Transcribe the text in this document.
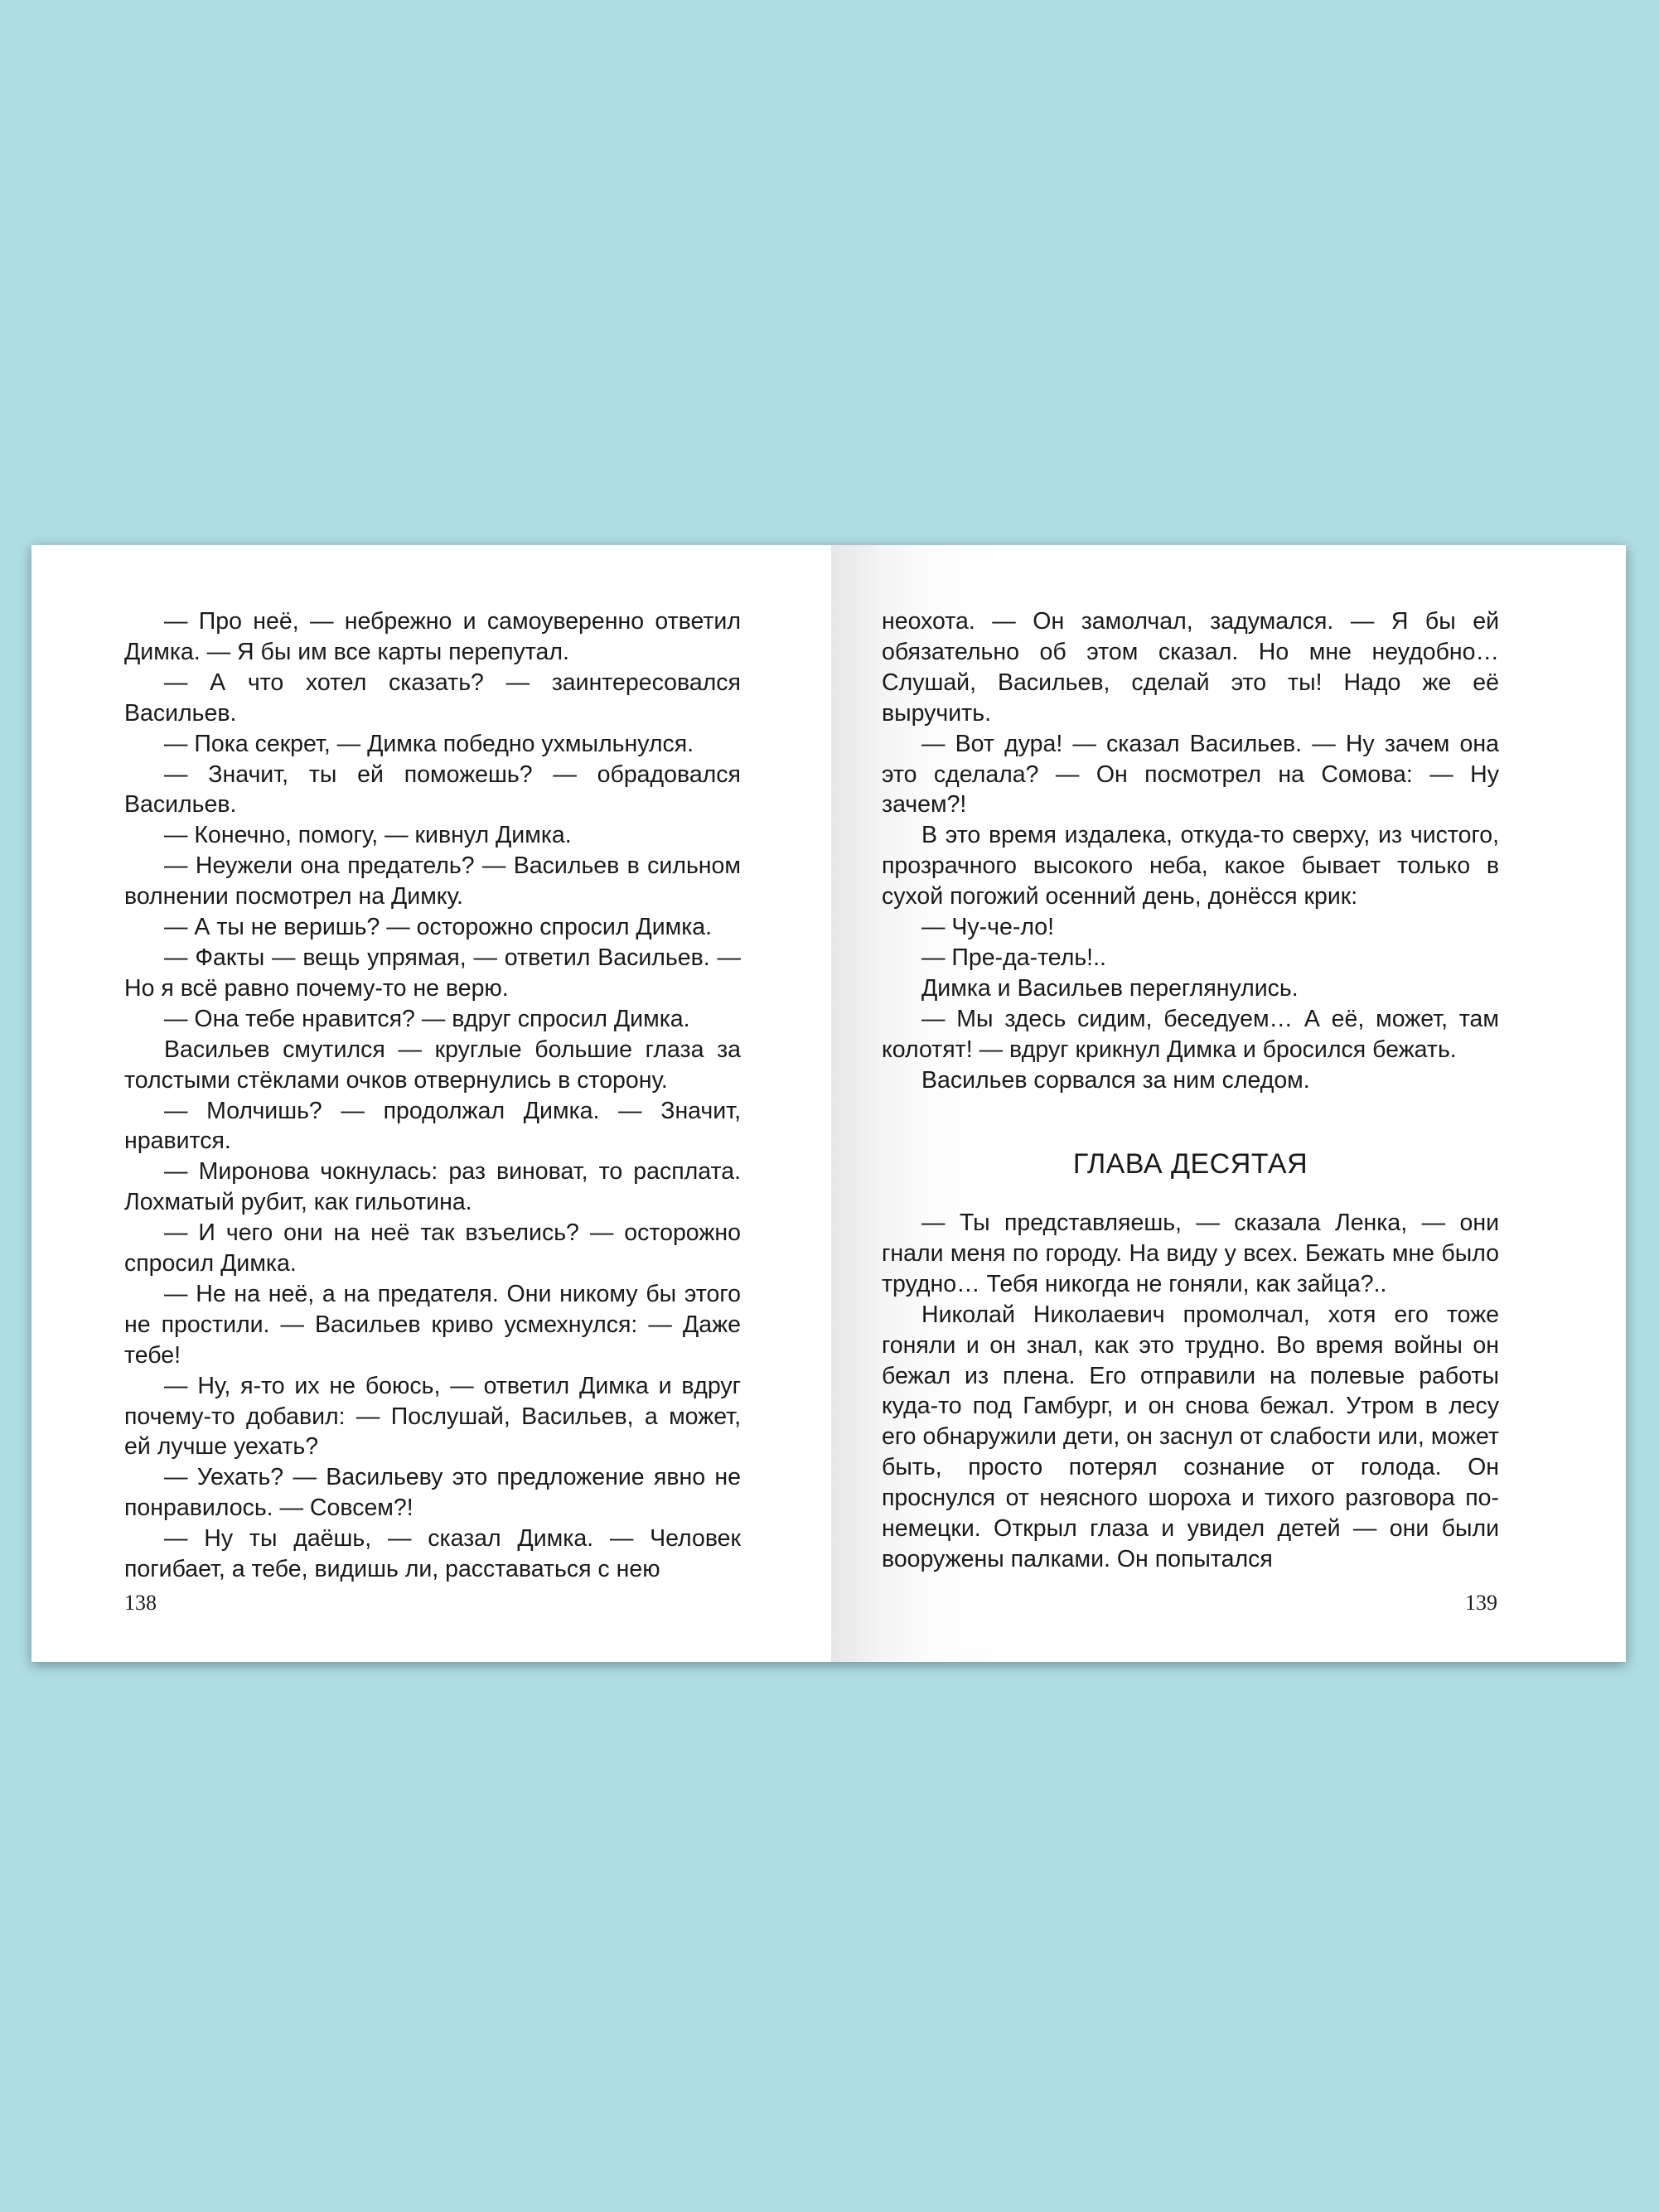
— Про неё, — небрежно и самоуверенно ответил Димка. — Я бы им все карты перепутал.

— А что хотел сказать? — заинтересовался Васильев.

— Пока секрет, — Димка победно ухмыльнулся.

— Значит, ты ей поможешь? — обрадовался Васильев.

— Конечно, помогу, — кивнул Димка.

— Неужели она предатель? — Васильев в сильном волнении посмотрел на Димку.

— А ты не веришь? — осторожно спросил Димка.

— Факты — вещь упрямая, — ответил Васильев. — Но я всё равно почему-то не верю.

— Она тебе нравится? — вдруг спросил Димка.

Васильев смутился — круглые большие глаза за толстыми стёклами очков отвернулись в сторону.

— Молчишь? — продолжал Димка. — Значит, нравится.

— Миронова чокнулась: раз виноват, то расплата. Лохматый рубит, как гильотина.

— И чего они на неё так взъелись? — осторожно спросил Димка.

— Не на неё, а на предателя. Они никому бы этого не простили. — Васильев криво усмехнулся: — Даже тебе!

— Ну, я-то их не боюсь, — ответил Димка и вдруг почему-то добавил: — Послушай, Васильев, а может, ей лучше уехать?

— Уехать? — Васильеву это предложение явно не понравилось. — Совсем?!

— Ну ты даёшь, — сказал Димка. — Человек погибает, а тебе, видишь ли, расставаться с нею

138

неохота. — Он замолчал, задумался. — Я бы ей обязательно об этом сказал. Но мне неудобно… Слушай, Васильев, сделай это ты! Надо же её выручить.

— Вот дура! — сказал Васильев. — Ну зачем она это сделала? — Он посмотрел на Сомова: — Ну зачем?!

В это время издалека, откуда-то сверху, из чистого, прозрачного высокого неба, какое бывает только в сухой погожий осенний день, донёсся крик:

— Чу-че-ло!

— Пре-да-тель!..

Димка и Васильев переглянулись.

— Мы здесь сидим, беседуем… А её, может, там колотят! — вдруг крикнул Димка и бросился бежать.

Васильев сорвался за ним следом.

ГЛАВА ДЕСЯТАЯ

— Ты представляешь, — сказала Ленка, — они гнали меня по городу. На виду у всех. Бежать мне было трудно… Тебя никогда не гоняли, как зайца?..

Николай Николаевич промолчал, хотя его тоже гоняли и он знал, как это трудно. Во время войны он бежал из плена. Его отправили на полевые работы куда-то под Гамбург, и он снова бежал. Утром в лесу его обнаружили дети, он заснул от слабости или, может быть, просто потерял сознание от голода. Он проснулся от неясного шороха и тихого разговора по-немецки. Открыл глаза и увидел детей — они были вооружены палками. Он попытался

139
